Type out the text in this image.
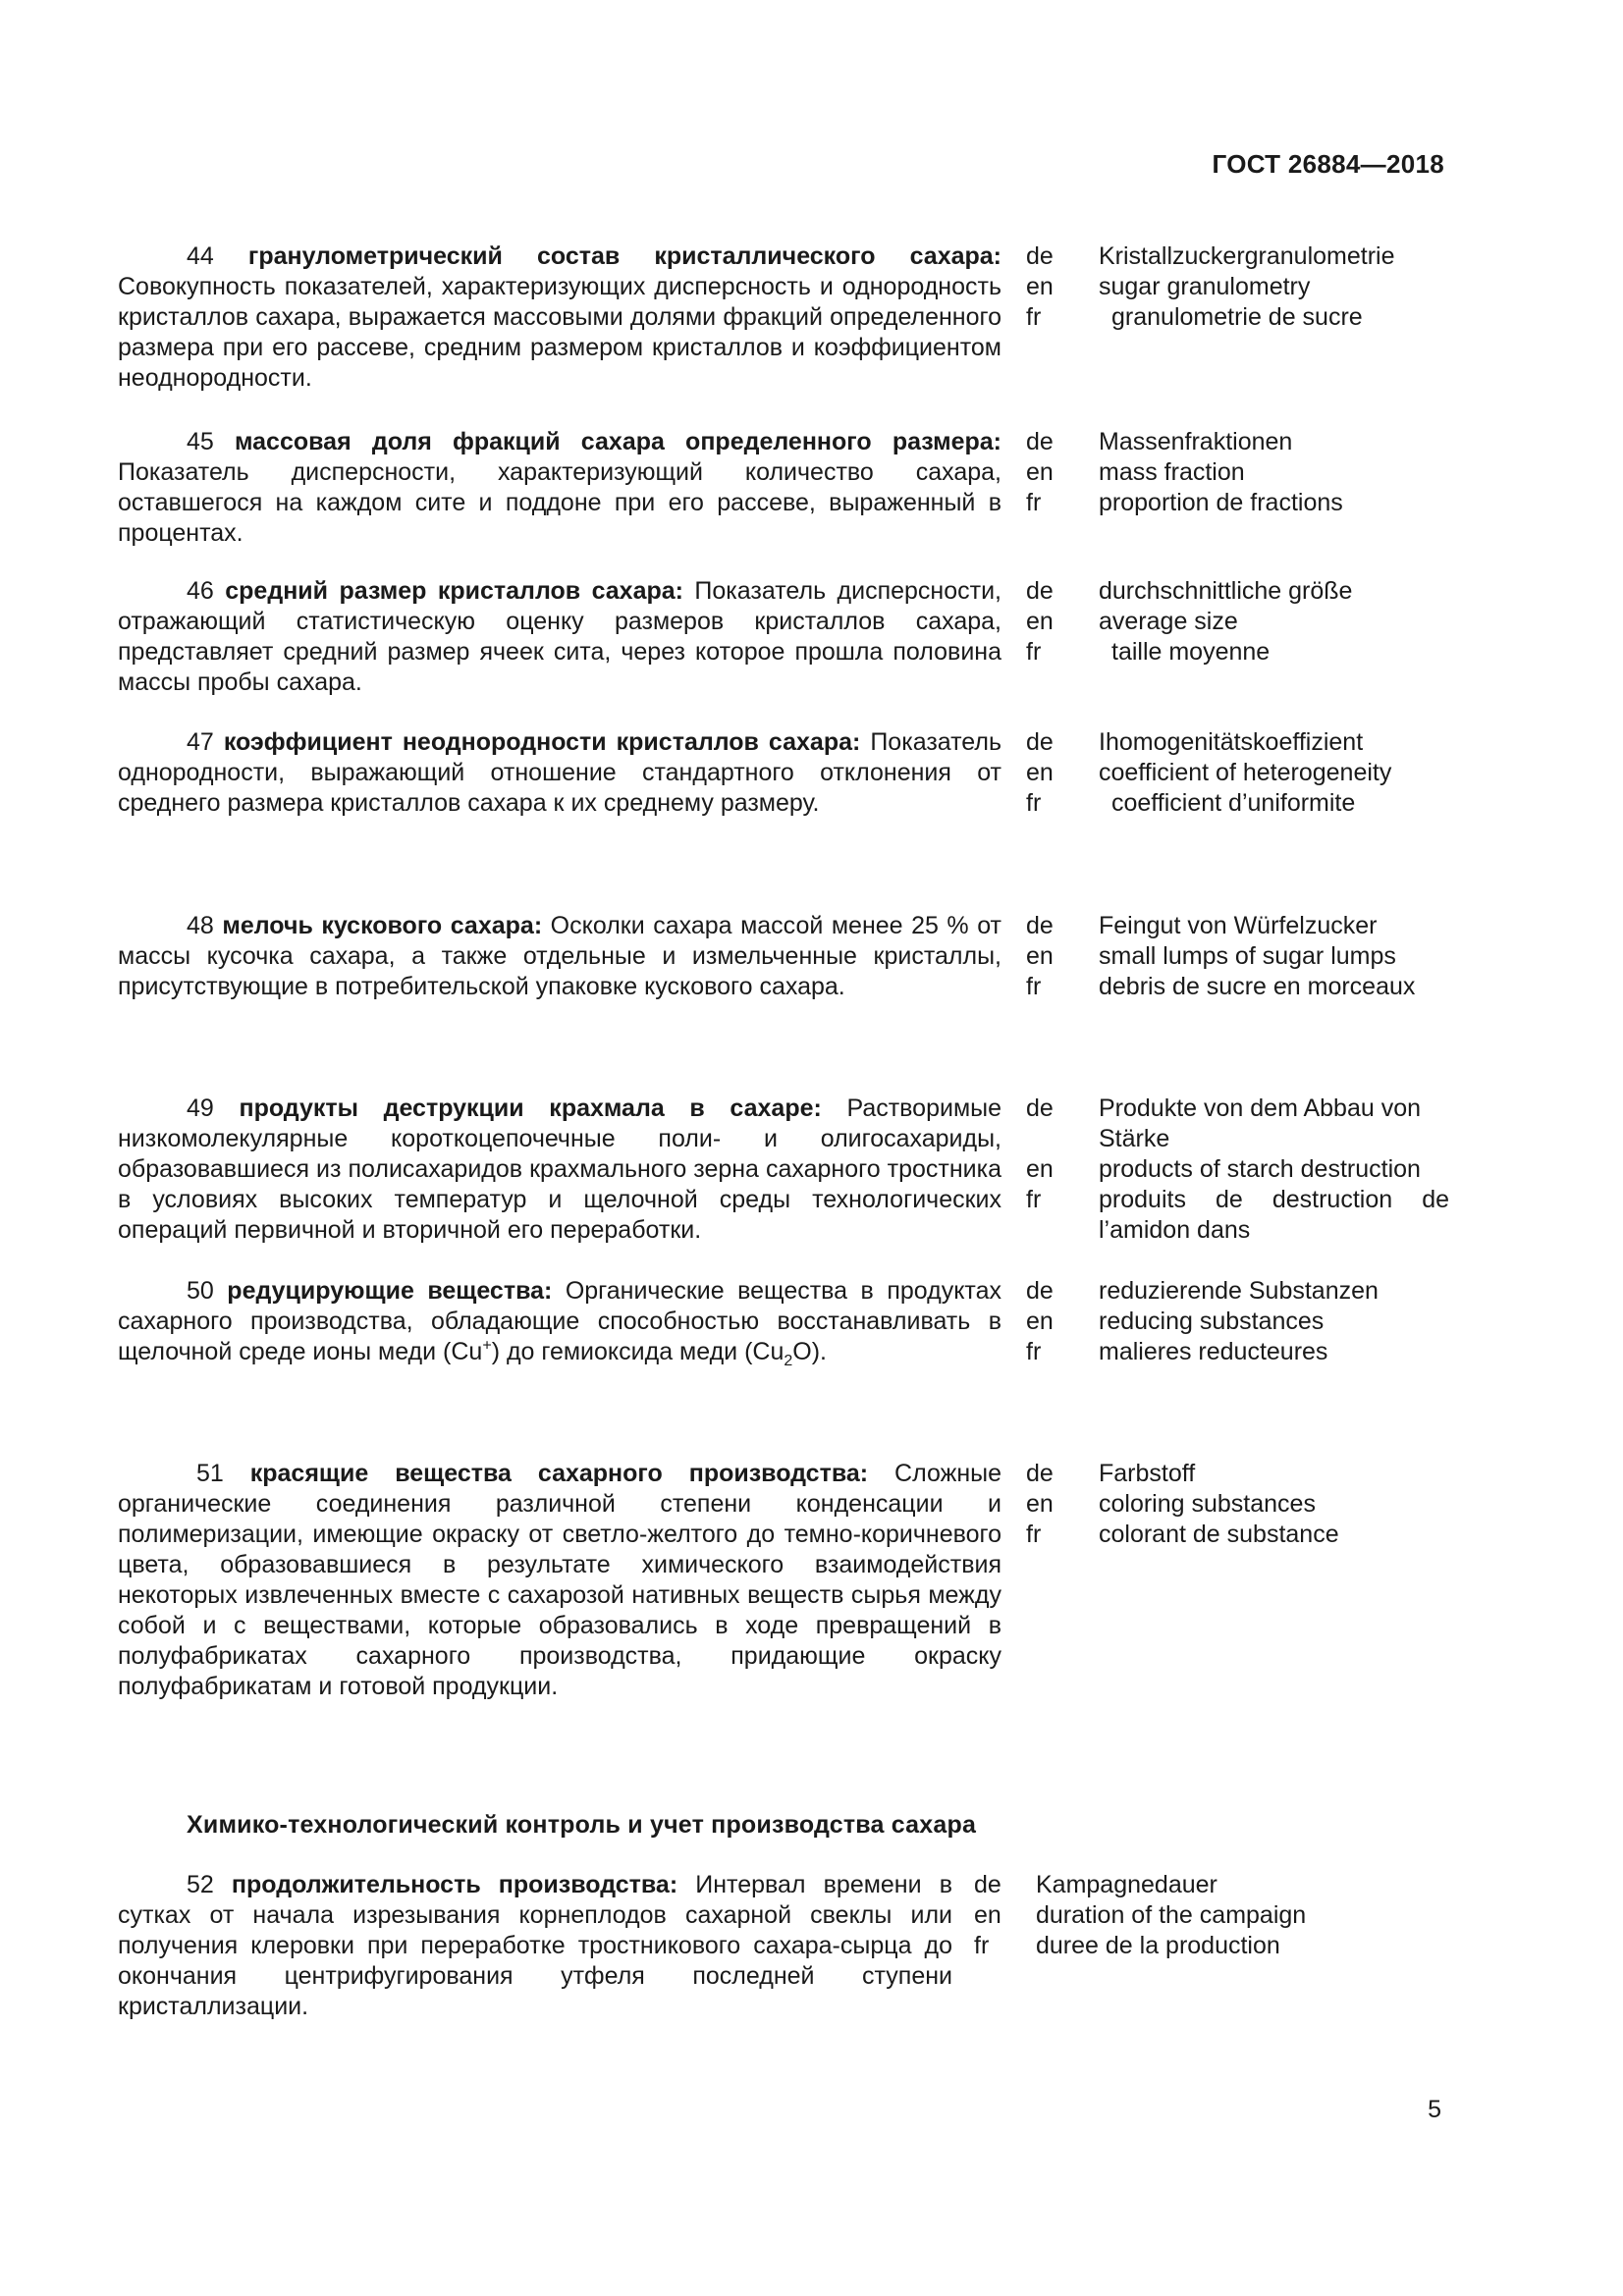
ГОСТ 26884—2018
44 гранулометрический состав кристаллического сахара: Совокупность показателей, характеризующих дисперсность и однородность кристаллов сахара, выражается массовыми долями фракций определенного размера при его рассеве, средним размером кристаллов и коэффициентом неоднородности.
de
en
fr
Kristallzuckergranulometrie
sugar granulometry
granulometrie de sucre
45 массовая доля фракций сахара определенного размера: Показатель дисперсности, характеризующий количество сахара, оставшегося на каждом сите и поддоне при его рассеве, выраженный в процентах.
de
en
fr
Massenfraktionen
mass fraction
proportion de fractions
46 средний размер кристаллов сахара: Показатель дисперсности, отражающий статистическую оценку размеров кристаллов сахара, представляет средний размер ячеек сита, через которое прошла половина массы пробы сахара.
de
en
fr
durchschnittliche größe
average size
taille moyenne
47 коэффициент неоднородности кристаллов сахара: Показатель однородности, выражающий отношение стандартного отклонения от среднего размера кристаллов сахара к их среднему размеру.
de
en
fr
Ihomogenitätskoeffizient
coefficient of heterogeneity
coefficient d’uniformite
48 мелочь кускового сахара: Осколки сахара массой менее 25 % от массы кусочка сахара, а также отдельные и измельченные кристаллы, присутствующие в потребительской упаковке кускового сахара.
de
en
fr
Feingut von Würfelzucker
small lumps of sugar lumps
debris de sucre en morceaux
49 продукты деструкции крахмала в сахаре: Растворимые низкомолекулярные короткоцепочечные поли- и олигосахариды, образовавшиеся из полисахаридов крахмального зерна сахарного тростника в условиях высоких температур и щелочной среды технологических операций первичной и вторичной его переработки.
de

en
fr
Produkte von dem Abbau von
Stärke
products of starch destruction
produits de destruction de
l’amidon dans
50 редуцирующие вещества: Органические вещества в продуктах сахарного производства, обладающие способностью восстанавливать в щелочной среде ионы меди (Cu+) до гемиоксида меди $(Cu_2O)$.
de
en
fr
reduzierende Substanzen
reducing substances
malieres reducteures
51 красящие вещества сахарного производства: Сложные органические соединения различной степени конденсации и полимеризации, имеющие окраску от светло-желтого до темно-коричневого цвета, образовавшиеся в результате химического взаимодействия некоторых извлеченных вместе с сахарозой нативных веществ сырья между собой и с веществами, которые образовались в ходе превращений в полуфабрикатах сахарного производства, придающие окраску полуфабрикатам и готовой продукции.
de
en
fr
Farbstoff
coloring substances
colorant de substance
Химико-технологический контроль и учет производства сахара
52 продолжительность производства: Интервал времени в сутках от начала изрезывания корнеплодов сахарной свеклы или получения клеровки при переработке тростникового сахара-сырца до окончания центрифугирования утфеля последней ступени кристаллизации.
de
en
fr
Kampagnedauer
duration of the campaign
duree de la production
5
